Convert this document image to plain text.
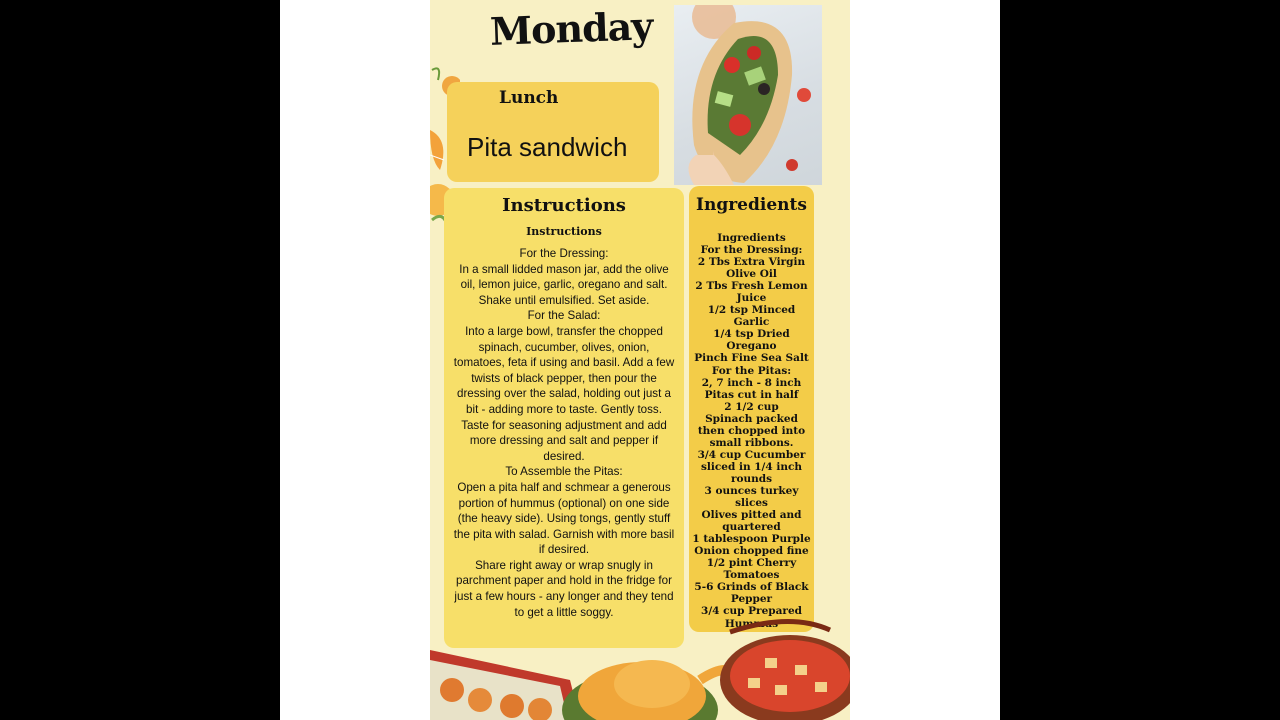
Monday
Lunch
Pita sandwich
Instructions
Instructions
For the Dressing:
In a small lidded mason jar, add the olive
oil, lemon juice, garlic, oregano and salt.
Shake until emulsified. Set aside.
For the Salad:
Into a large bowl, transfer the chopped
spinach, cucumber, olives, onion,
tomatoes, feta if using and basil. Add a few
twists of black pepper, then pour the
dressing over the salad, holding out just a
bit - adding more to taste. Gently toss.
Taste for seasoning adjustment and add
more dressing and salt and pepper if
desired.
To Assemble the Pitas:
Open a pita half and schmear a generous
portion of hummus (optional) on one side
(the heavy side). Using tongs, gently stuff
the pita with salad. Garnish with more basil
if desired.
Share right away or wrap snugly in
parchment paper and hold in the fridge for
just a few hours - any longer and they tend
to get a little soggy.
Ingredients
Ingredients
For the Dressing:
2 Tbs Extra Virgin
Olive Oil
2 Tbs Fresh Lemon
Juice
1/2 tsp Minced Garlic
1/4 tsp Dried
Oregano
Pinch Fine Sea Salt
For the Pitas:
2, 7 inch - 8 inch
Pitas cut in half
2 1/2 cup
Spinach packed
then chopped into
small ribbons.
3/4 cup Cucumber
sliced in 1/4 inch
rounds
3 ounces turkey
slices
Olives pitted and
quartered
1 tablespoon Purple
Onion chopped fine
1/2 pint Cherry
Tomatoes
5-6 Grinds of Black
Pepper
3/4 cup Prepared
Hummus
